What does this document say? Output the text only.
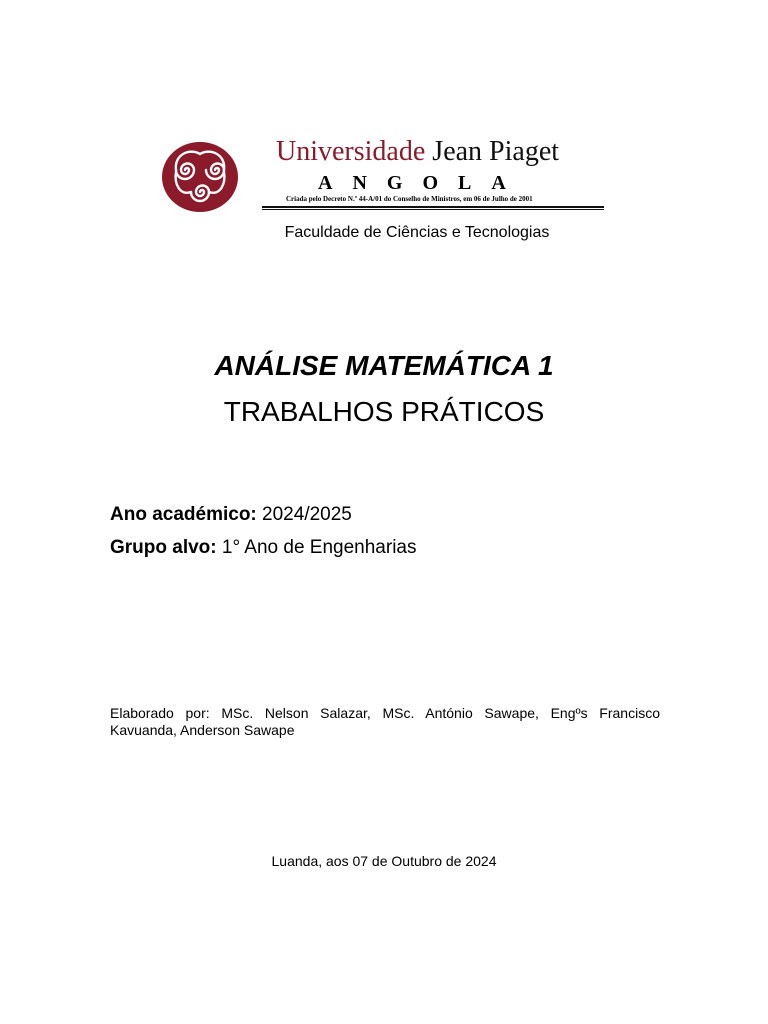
Universidade Jean Piaget
ANGOLA
Criada pelo Decreto N.º 44-A/01 do Conselho de Ministros, em 06 de Julho de 2001
Faculdade de Ciências e Tecnologias
ANÁLISE MATEMÁTICA 1
TRABALHOS PRÁTICOS
Ano académico: 2024/2025
Grupo alvo: 1° Ano de Engenharias
Elaborado por: MSc. Nelson Salazar, MSc. António Sawape, Engºs Francisco Kavuanda, Anderson Sawape
Luanda, aos 07 de Outubro de 2024
